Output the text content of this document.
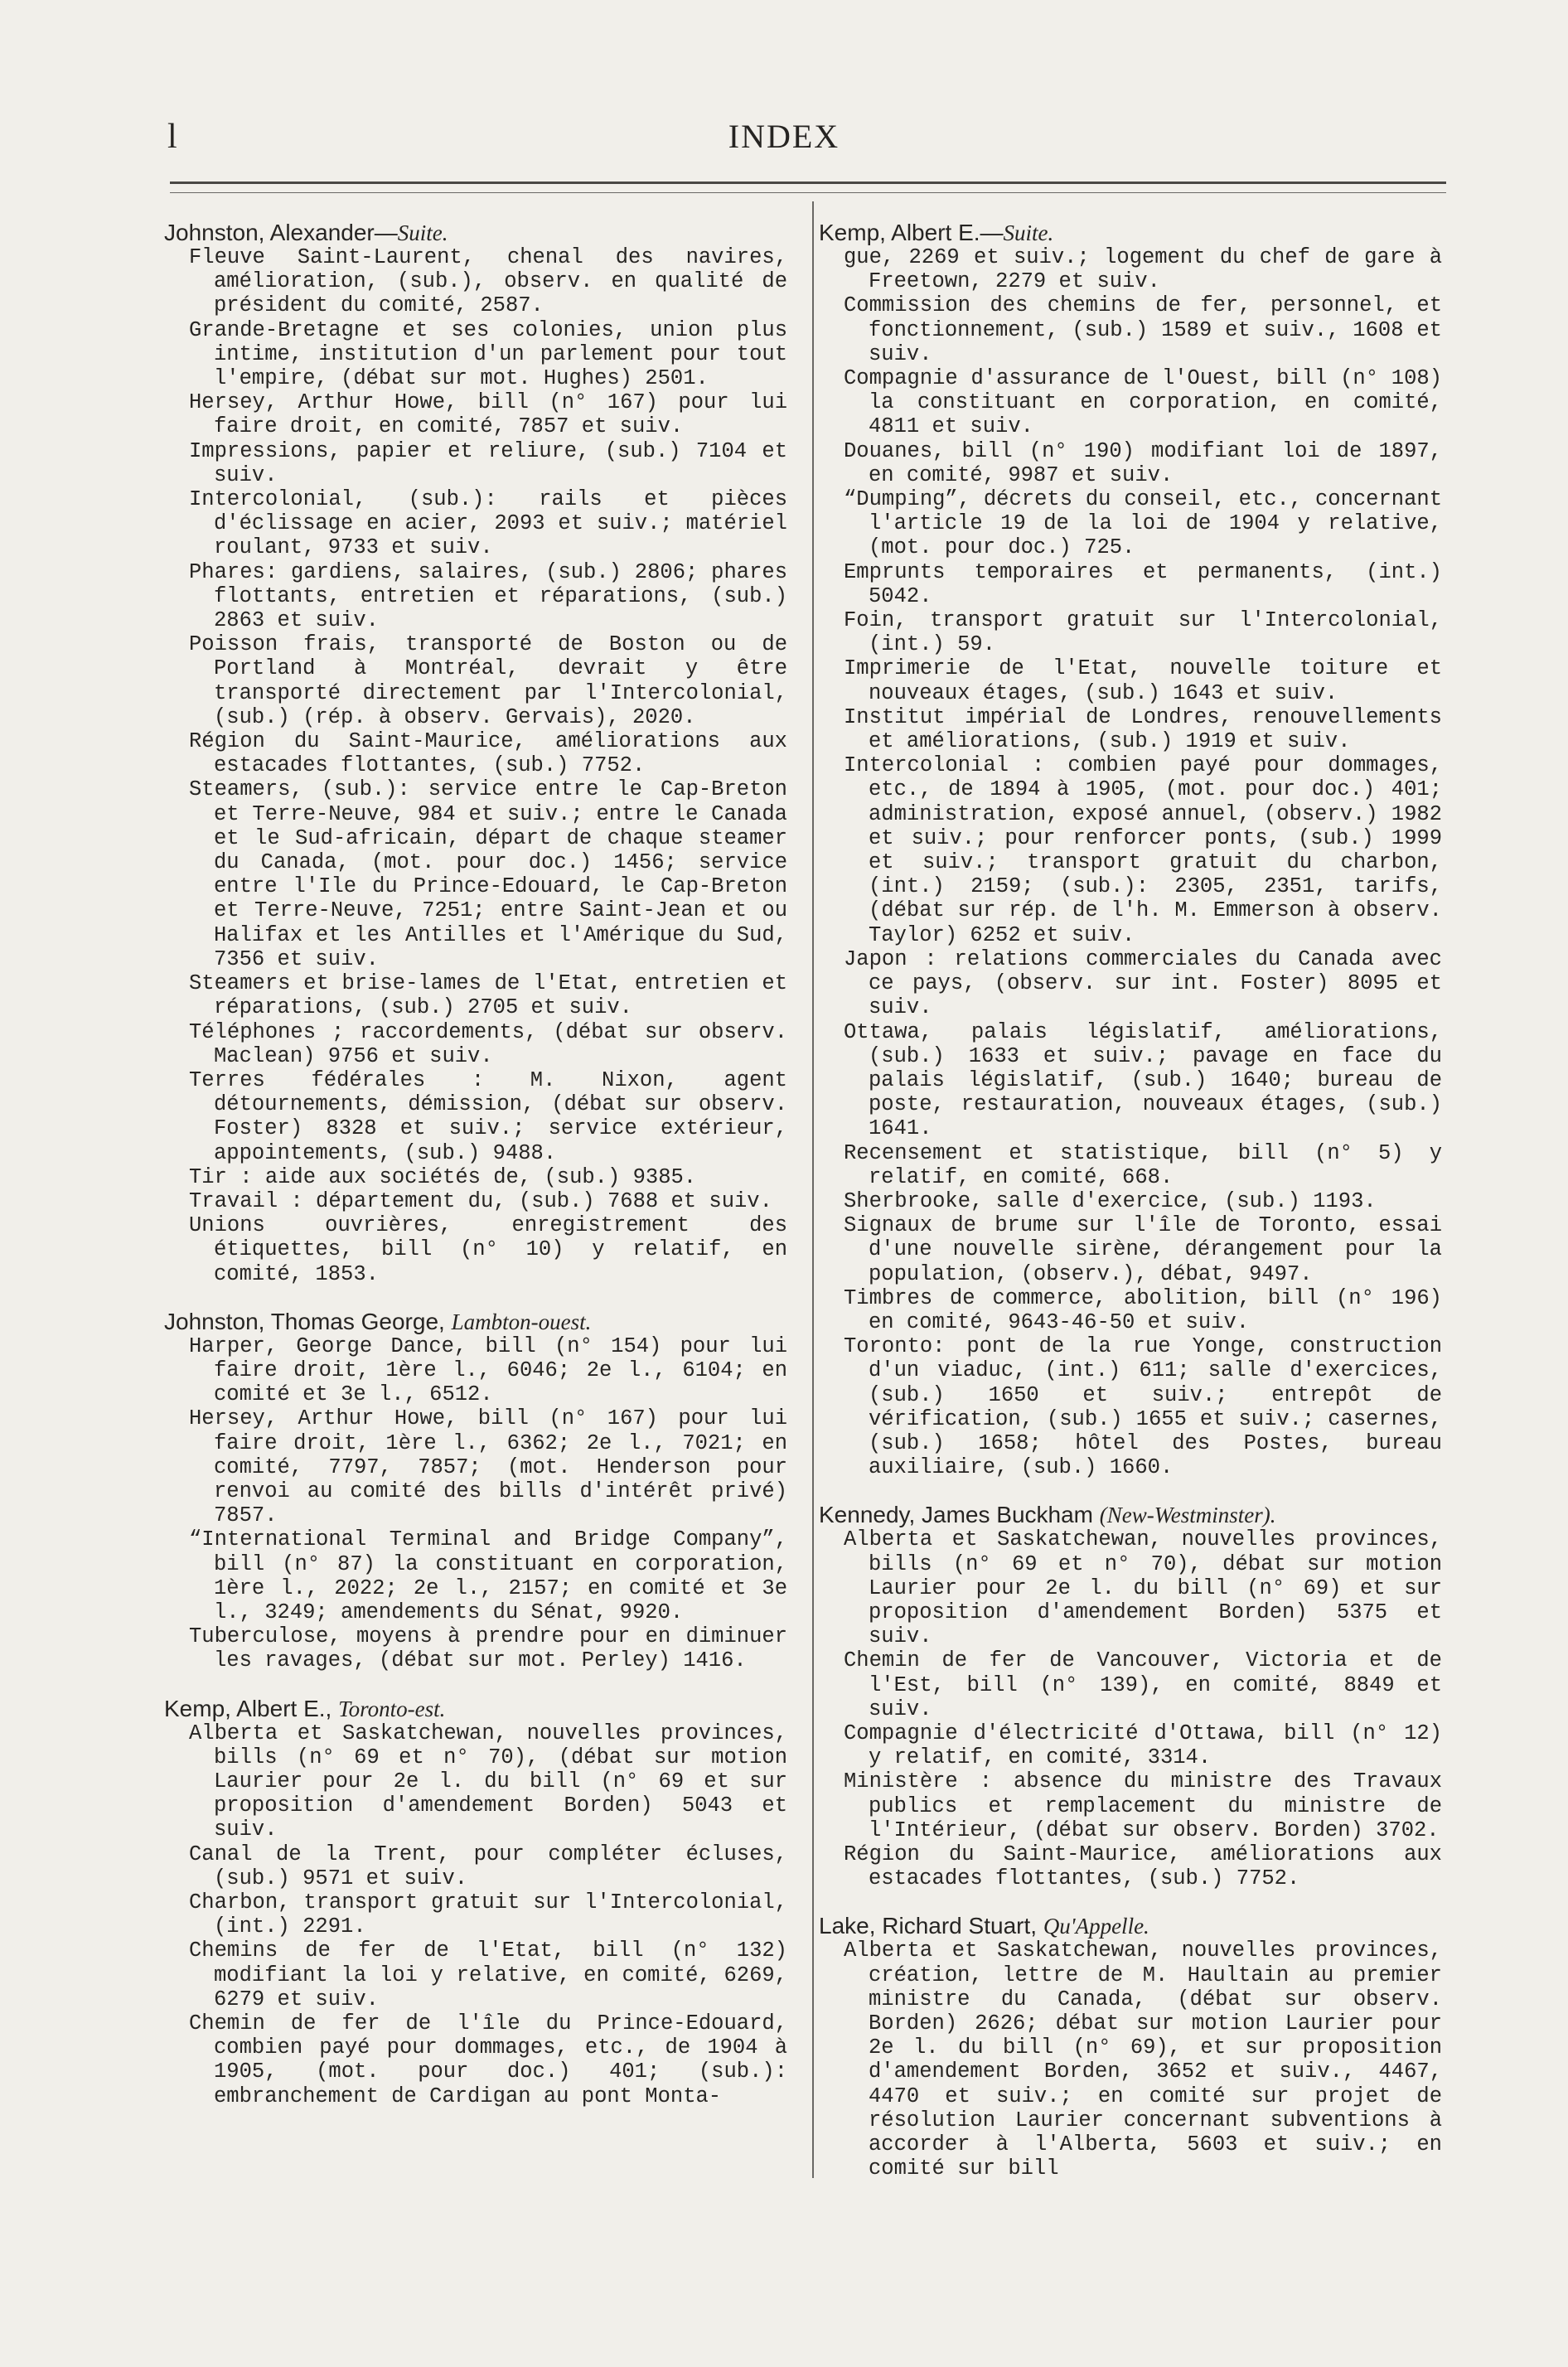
l	INDEX
Johnston, Alexander—Suite.
Fleuve Saint-Laurent, chenal des navires, amélioration, (sub.), observ. en qualité de président du comité, 2587.
Grande-Bretagne et ses colonies, union plus intime, institution d'un parlement pour tout l'empire, (débat sur mot. Hughes) 2501.
Hersey, Arthur Howe, bill (n° 167) pour lui faire droit, en comité, 7857 et suiv.
Impressions, papier et reliure, (sub.) 7104 et suiv.
Intercolonial, (sub.): rails et pièces d'éclissage en acier, 2093 et suiv.; matériel roulant, 9733 et suiv.
Phares: gardiens, salaires, (sub.) 2806; phares flottants, entretien et réparations, (sub.) 2863 et suiv.
Poisson frais, transporté de Boston ou de Portland à Montréal, devrait y être transporté directement par l'Intercolonial, (sub.) (rép. à observ. Gervais), 2020.
Région du Saint-Maurice, améliorations aux estacades flottantes, (sub.) 7752.
Steamers, (sub.): service entre le Cap-Breton et Terre-Neuve, 984 et suiv.; entre le Canada et le Sud-africain, départ de chaque steamer du Canada, (mot. pour doc.) 1456; service entre l'Ile du Prince-Edouard, le Cap-Breton et Terre-Neuve, 7251; entre Saint-Jean et ou Halifax et les Antilles et l'Amérique du Sud, 7356 et suiv.
Steamers et brise-lames de l'Etat, entretien et réparations, (sub.) 2705 et suiv.
Téléphones ; raccordements, (débat sur observ. Maclean) 9756 et suiv.
Terres fédérales : M. Nixon, agent détournements, démission, (débat sur observ. Foster) 8328 et suiv.; service extérieur, appointements, (sub.) 9488.
Tir : aide aux sociétés de, (sub.) 9385.
Travail : département du, (sub.) 7688 et suiv.
Unions ouvrières, enregistrement des étiquettes, bill (n° 10) y relatif, en comité, 1853.
Johnston, Thomas George, Lambton-ouest.
Harper, George Dance, bill (n° 154) pour lui faire droit, 1ère l., 6046; 2e l., 6104; en comité et 3e l., 6512.
Hersey, Arthur Howe, bill (n° 167) pour lui faire droit, 1ère l., 6362; 2e l., 7021; en comité, 7797, 7857; (mot. Henderson pour renvoi au comité des bills d'intérêt privé) 7857.
“International Terminal and Bridge Company”, bill (n° 87) la constituant en corporation, 1ère l., 2022; 2e l., 2157; en comité et 3e l., 3249; amendements du Sénat, 9920.
Tuberculose, moyens à prendre pour en diminuer les ravages, (débat sur mot. Perley) 1416.
Kemp, Albert E., Toronto-est.
Alberta et Saskatchewan, nouvelles provinces, bills (n° 69 et n° 70), (débat sur motion Laurier pour 2e l. du bill (n° 69 et sur proposition d'amendement Borden) 5043 et suiv.
Canal de la Trent, pour compléter écluses, (sub.) 9571 et suiv.
Charbon, transport gratuit sur l'Intercolonial, (int.) 2291.
Chemins de fer de l'Etat, bill (n° 132) modifiant la loi y relative, en comité, 6269, 6279 et suiv.
Chemin de fer de l'île du Prince-Edouard, combien payé pour dommages, etc., de 1904 à 1905, (mot. pour doc.) 401; (sub.): embranchement de Cardigan au pont Monta-
Kemp, Albert E.—Suite.
gue, 2269 et suiv.; logement du chef de gare à Freetown, 2279 et suiv.
Commission des chemins de fer, personnel, et fonctionnement, (sub.) 1589 et suiv., 1608 et suiv.
Compagnie d'assurance de l'Ouest, bill (n° 108) la constituant en corporation, en comité, 4811 et suiv.
Douanes, bill (n° 190) modifiant loi de 1897, en comité, 9987 et suiv.
“Dumping”, décrets du conseil, etc., concernant l'article 19 de la loi de 1904 y relative, (mot. pour doc.) 725.
Emprunts temporaires et permanents, (int.) 5042.
Foin, transport gratuit sur l'Intercolonial, (int.) 59.
Imprimerie de l'Etat, nouvelle toiture et nouveaux étages, (sub.) 1643 et suiv.
Institut impérial de Londres, renouvellements et améliorations, (sub.) 1919 et suiv.
Intercolonial : combien payé pour dommages, etc., de 1894 à 1905, (mot. pour doc.) 401; administration, exposé annuel, (observ.) 1982 et suiv.; pour renforcer ponts, (sub.) 1999 et suiv.; transport gratuit du charbon, (int.) 2159; (sub.): 2305, 2351, tarifs, (débat sur rép. de l'h. M. Emmerson à observ. Taylor) 6252 et suiv.
Japon : relations commerciales du Canada avec ce pays, (observ. sur int. Foster) 8095 et suiv.
Ottawa, palais législatif, améliorations, (sub.) 1633 et suiv.; pavage en face du palais législatif, (sub.) 1640; bureau de poste, restauration, nouveaux étages, (sub.) 1641.
Recensement et statistique, bill (n° 5) y relatif, en comité, 668.
Sherbrooke, salle d'exercice, (sub.) 1193.
Signaux de brume sur l'île de Toronto, essai d'une nouvelle sirène, dérangement pour la population, (observ.), débat, 9497.
Timbres de commerce, abolition, bill (n° 196) en comité, 9643-46-50 et suiv.
Toronto: pont de la rue Yonge, construction d'un viaduc, (int.) 611; salle d'exercices, (sub.) 1650 et suiv.; entrepôt de vérification, (sub.) 1655 et suiv.; casernes, (sub.) 1658; hôtel des Postes, bureau auxiliaire, (sub.) 1660.
Kennedy, James Buckham (New-Westminster).
Alberta et Saskatchewan, nouvelles provinces, bills (n° 69 et n° 70), débat sur motion Laurier pour 2e l. du bill (n° 69) et sur proposition d'amendement Borden) 5375 et suiv.
Chemin de fer de Vancouver, Victoria et de l'Est, bill (n° 139), en comité, 8849 et suiv.
Compagnie d'électricité d'Ottawa, bill (n° 12) y relatif, en comité, 3314.
Ministère : absence du ministre des Travaux publics et remplacement du ministre de l'Intérieur, (débat sur observ. Borden) 3702.
Région du Saint-Maurice, améliorations aux estacades flottantes, (sub.) 7752.
Lake, Richard Stuart, Qu'Appelle.
Alberta et Saskatchewan, nouvelles provinces, création, lettre de M. Haultain au premier ministre du Canada, (débat sur observ. Borden) 2626; débat sur motion Laurier pour 2e l. du bill (n° 69), et sur proposition d'amendement Borden, 3652 et suiv., 4467, 4470 et suiv.; en comité sur projet de résolution Laurier concernant subventions à accorder à l'Alberta, 5603 et suiv.; en comité sur bill
